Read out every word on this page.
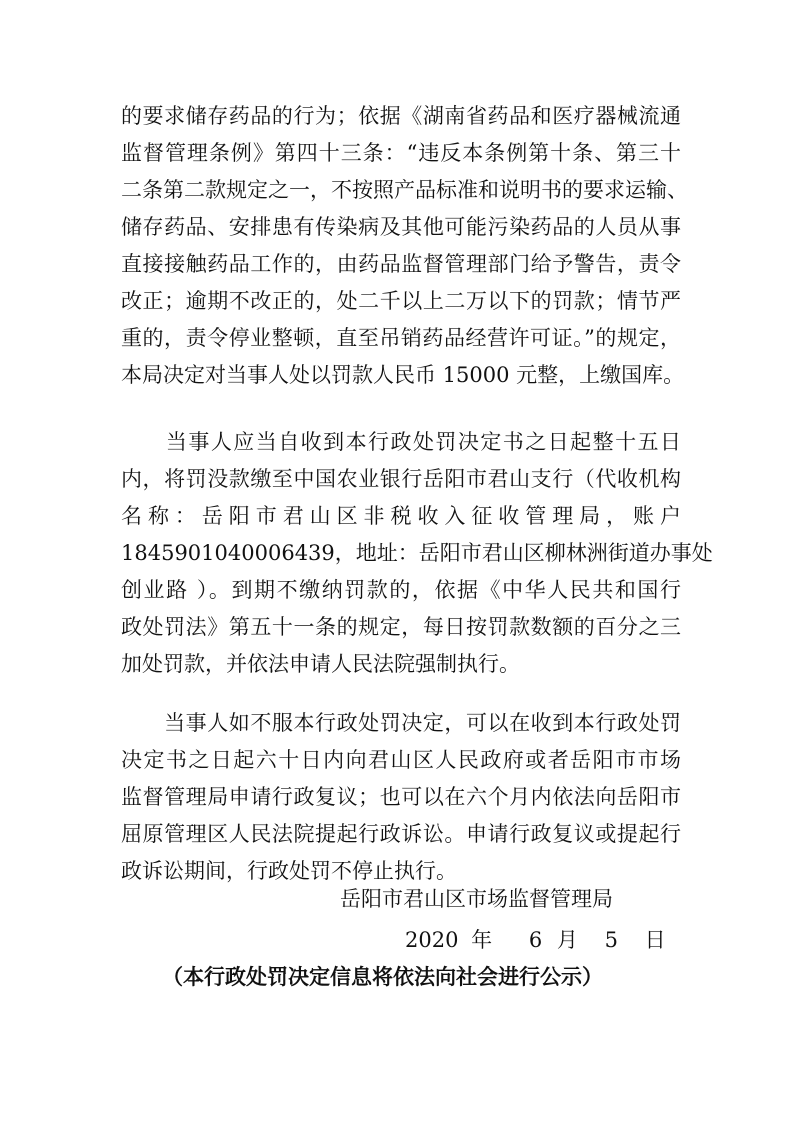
的要求储存药品的行为；依据《湖南省药品和医疗器械流通
监督管理条例》第四十三条：“违反本条例第十条、第三十
二条第二款规定之一，不按照产品标准和说明书的要求运输、
储存药品、安排患有传染病及其他可能污染药品的人员从事
直接接触药品工作的，由药品监督管理部门给予警告，责令
改正；逾期不改正的，处二千以上二万以下的罚款；情节严
重的，责令停业整顿，直至吊销药品经营许可证。”的规定，
本局决定对当事人处以罚款人民币 15000 元整，上缴国库。
　　当事人应当自收到本行政处罚决定书之日起整十五日
内，将罚没款缴至中国农业银行岳阳市君山支行（代收机构
名称：岳阳市君山区非税收入征收管理局，账户
1845901040006439，地址：岳阳市君山区柳林洲街道办事处
创业路 ）。到期不缴纳罚款的，依据《中华人民共和国行
政处罚法》第五十一条的规定，每日按罚款数额的百分之三
加处罚款，并依法申请人民法院强制执行。
　　当事人如不服本行政处罚决定，可以在收到本行政处罚
决定书之日起六十日内向君山区人民政府或者岳阳市市场
监督管理局申请行政复议；也可以在六个月内依法向岳阳市
屈原管理区人民法院提起行政诉讼。申请行政复议或提起行
政诉讼期间，行政处罚不停止执行。
岳阳市君山区市场监督管理局
2020 年 6 月 5 日
（本行政处罚决定信息将依法向社会进行公示）
